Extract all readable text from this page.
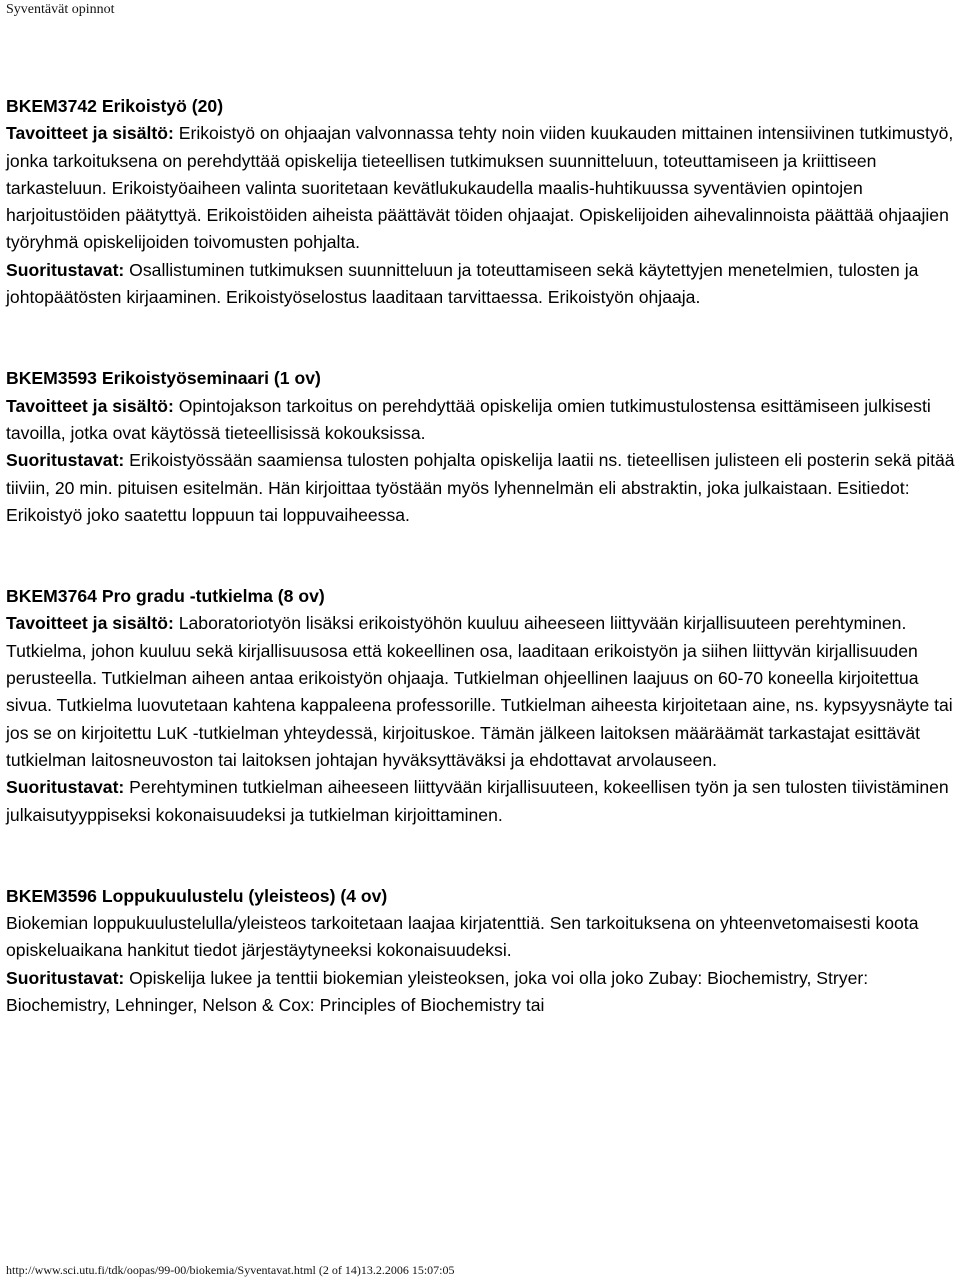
Syventävät opinnot

BKEM3742 Erikoistyö (20)

Tavoitteet ja sisältö: Erikoistyö on ohjaajan valvonnassa tehty noin viiden kuukauden mittainen intensiivinen tutkimustyö, jonka tarkoituksena on perehdyttää opiskelija tieteellisen tutkimuksen suunnitteluun, toteuttamiseen ja kriittiseen tarkasteluun. Erikoistyöaiheen valinta suoritetaan kevätlukukaudella maalis-huhtikuussa syventävien opintojen harjoitustöiden päätyttyä. Erikoistöiden aiheista päättävät töiden ohjaajat. Opiskelijoiden aihevalinnoista päättää ohjaajien työryhmä opiskelijoiden toivomusten pohjalta.

Suoritustavat: Osallistuminen tutkimuksen suunnitteluun ja toteuttamiseen sekä käytettyjen menetelmien, tulosten ja johtopäätösten kirjaaminen. Erikoistyöselostus laaditaan tarvittaessa. Erikoistyön ohjaaja.

BKEM3593 Erikoistyöseminaari (1 ov)

Tavoitteet ja sisältö: Opintojakson tarkoitus on perehdyttää opiskelija omien tutkimustulostensa esittämiseen julkisesti tavoilla, jotka ovat käytössä tieteellisissä kokouksissa.

Suoritustavat: Erikoistyössään saamiensa tulosten pohjalta opiskelija laatii ns. tieteellisen julisteen eli posterin sekä pitää tiiviin, 20 min. pituisen esitelmän. Hän kirjoittaa työstään myös lyhennelmän eli abstraktin, joka julkaistaan. Esitiedot: Erikoistyö joko saatettu loppuun tai loppuvaiheessa.

BKEM3764 Pro gradu -tutkielma (8 ov)

Tavoitteet ja sisältö: Laboratoriotyön lisäksi erikoistyöhön kuuluu aiheeseen liittyvään kirjallisuuteen perehtyminen. Tutkielma, johon kuuluu sekä kirjallisuusosa että kokeellinen osa, laaditaan erikoistyön ja siihen liittyvän kirjallisuuden perusteella. Tutkielman aiheen antaa erikoistyön ohjaaja. Tutkielman ohjeellinen laajuus on 60-70 koneella kirjoitettua sivua. Tutkielma luovutetaan kahtena kappaleena professorille. Tutkielman aiheesta kirjoitetaan aine, ns. kypsyysnäyte tai jos se on kirjoitettu LuK -tutkielman yhteydessä, kirjoituskoe. Tämän jälkeen laitoksen määräämät tarkastajat esittävät tutkielman laitosneuvoston tai laitoksen johtajan hyväksyttäväksi ja ehdottavat arvolauseen.

Suoritustavat: Perehtyminen tutkielman aiheeseen liittyvään kirjallisuuteen, kokeellisen työn ja sen tulosten tiivistäminen julkaisutyyppiseksi kokonaisuudeksi ja tutkielman kirjoittaminen.

BKEM3596 Loppukuulustelu (yleisteos) (4 ov)

Biokemian loppukuulustelulla/yleisteos tarkoitetaan laajaa kirjatenttiä. Sen tarkoituksena on yhteenvetomaisesti koota opiskeluaikana hankitut tiedot järjestäytyneeksi kokonaisuudeksi.

Suoritustavat: Opiskelija lukee ja tenttii biokemian yleisteoksen, joka voi olla joko Zubay: Biochemistry, Stryer: Biochemistry, Lehninger, Nelson & Cox: Principles of Biochemistry tai

http://www.sci.utu.fi/tdk/oopas/99-00/biokemia/Syventavat.html (2 of 14)13.2.2006 15:07:05
